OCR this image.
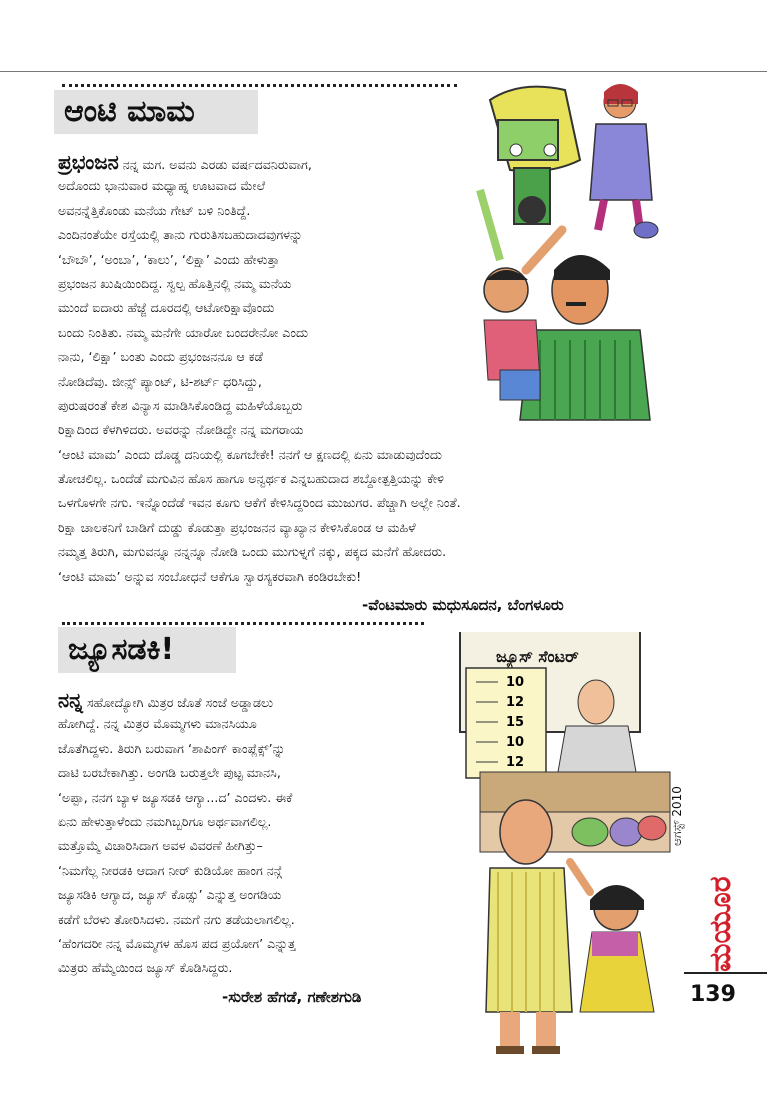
ಆಂಟಿ ಮಾಮ
ಪ್ರಭಂಜನ ನನ್ನ ಮಗ. ಅವನು ಎರಡು ವರ್ಷದವನಿರುವಾಗ,
ಅದೊಂದು ಭಾನುವಾರ ಮಧ್ಯಾಹ್ನ ಊಟವಾದ ಮೇಲೆ
ಅವನನ್ನೆತ್ತಿಕೊಂಡು ಮನೆಯ ಗೇಟ್ ಬಳಿ ನಿಂತಿದ್ದೆ.
ಎಂದಿನಂತೆಯೇ ರಸ್ತೆಯಲ್ಲಿ ತಾನು ಗುರುತಿಸಬಹುದಾದವುಗಳನ್ನು
‘ಬೌಬೌ’, ‘ಅಂಬಾ’, ‘ಕಾಲು’, ‘ಲಿಕ್ಷಾ’ ಎಂದು ಹೇಳುತ್ತಾ
ಪ್ರಭಂಜನ ಖುಷಿಯಿಂದಿದ್ದ. ಸ್ವಲ್ಪ ಹೊತ್ತಿನಲ್ಲಿ ನಮ್ಮ ಮನೆಯ
ಮುಂದೆ ಐದಾರು ಹೆಜ್ಜೆ ದೂರದಲ್ಲಿ ಆಟೋರಿಕ್ಷಾವೊಂದು
ಬಂದು ನಿಂತಿತು. ನಮ್ಮ ಮನೆಗೇ ಯಾರೋ ಬಂದರೇನೋ ಎಂದು
ನಾನು, ‘ಲಿಕ್ಷಾ’ ಬಂತು ಎಂದು ಪ್ರಭಂಜನನೂ ಆ ಕಡೆ
ನೋಡಿದೆವು. ಜೀನ್ಸ್ ಪ್ಯಾಂಟ್, ಟಿ-ಶರ್ಟ್ ಧರಿಸಿದ್ದು,
ಪುರುಷರಂತೆ ಕೇಶ ವಿನ್ಯಾಸ ಮಾಡಿಸಿಕೊಂಡಿದ್ದ ಮಹಿಳೆಯೊಬ್ಬರು
ರಿಕ್ಷಾದಿಂದ ಕೆಳಗಿಳಿದರು. ಅವರನ್ನು ನೋಡಿದ್ದೇ ನನ್ನ ಮಗರಾಯ
‘ಆಂಟಿ ಮಾಮ’ ಎಂದು ದೊಡ್ಡ ದನಿಯಲ್ಲಿ ಕೂಗಬೇಕೇ! ನನಗೆ ಆ ಕ್ಷಣದಲ್ಲಿ ಏನು ಮಾಡುವುದೆಂದು
ತೋಚಲಿಲ್ಲ. ಒಂದೆಡೆ ಮಗುವಿನ ಹೊಸ ಹಾಗೂ ಅನ್ವರ್ಥಕ ಎನ್ನಬಹುದಾದ ಶಬ್ದೋತ್ಪತ್ತಿಯನ್ನು ಕೇಳಿ
ಒಳಗೊಳಗೇ ನಗು. ಇನ್ನೊಂದೆಡೆ ಇವನ ಕೂಗು ಆಕೆಗೆ ಕೇಳಿಸಿದ್ದರಿಂದ ಮುಜುಗರ. ಪೆಚ್ಚಾಗಿ ಅಲ್ಲೇ ನಿಂತೆ.
ರಿಕ್ಷಾ ಚಾಲಕನಿಗೆ ಬಾಡಿಗೆ ದುಡ್ಡು ಕೊಡುತ್ತಾ ಪ್ರಭಂಜನನ ವ್ಯಾಖ್ಯಾನ ಕೇಳಿಸಿಕೊಂಡ ಆ ಮಹಿಳೆ
ನಮ್ಮತ್ತ ತಿರುಗಿ, ಮಗುವನ್ನೂ ನನ್ನನ್ನೂ ನೋಡಿ ಒಂದು ಮುಗುಳ್ನಗೆ ನಕ್ಕು, ಪಕ್ಕದ ಮನೆಗೆ ಹೋದರು.
‘ಆಂಟಿ ಮಾಮ’ ಅನ್ನುವ ಸಂಬೋಧನೆ ಆಕೆಗೂ ಸ್ವಾರಸ್ಯಕರವಾಗಿ ಕಂಡಿರಬೇಕು!
-ವೆಂಟಮಾರು ಮಧುಸೂದನ, ಬೆಂಗಳೂರು
ಜ್ಯೂಸಡಕಿ!
ನನ್ನ ಸಹೋದ್ಯೋಗಿ ಮಿತ್ರರ ಜೊತೆ ಸಂಜೆ ಅಡ್ಡಾಡಲು
ಹೋಗಿದ್ದೆ. ನನ್ನ ಮಿತ್ರರ ಮೊಮ್ಮಗಳು ಮಾನಸಿಯೂ
ಜೊತೆಗಿದ್ದಳು. ತಿರುಗಿ ಬರುವಾಗ ‘ಶಾಪಿಂಗ್ ಕಾಂಪ್ಲೆಕ್ಸ್’ನ್ನು
ದಾಟಿ ಬರಬೇಕಾಗಿತ್ತು. ಅಂಗಡಿ ಬರುತ್ತಲೇ ಪುಟ್ಟ ಮಾನಸಿ,
‘ಅಪ್ಪಾ, ನನಗ ಬ್ಯಾಳ ಜ್ಯೂಸಡಕಿ ಆಗ್ಯಾ...ದ’ ಎಂದಳು. ಈಕೆ
ಏನು ಹೇಳುತ್ತಾಳೆಂದು ನಮಗಿಬ್ಬರಿಗೂ ಅರ್ಥವಾಗಲಿಲ್ಲ.
ಮತ್ತೊಮ್ಮೆ ವಿಚಾರಿಸಿದಾಗ ಅವಳ ವಿವರಣೆ ಹೀಗಿತ್ತು–
‘ನಿಮಗೆಲ್ಲ ನೀರಡಕಿ ಆದಾಗ ನೀರ್ ಕುಡಿಯೋ ಹಾಂಗ ನನ್ಗೆ
ಜ್ಯೂಸಡಿಕಿ ಆಗ್ಯಾದ, ಜ್ಯೂಸ್ ಕೊಡ್ಸು’ ಎನ್ನುತ್ತ ಅಂಗಡಿಯ
ಕಡೆಗೆ ಬೆರಳು ತೋರಿಸಿದಳು. ನಮಗೆ ನಗು ತಡೆಯಲಾಗಲಿಲ್ಲ.
‘ಹೆಂಗದರೀ ನನ್ನ ಮೊಮ್ಮಗಳ ಹೊಸ ಪದ ಪ್ರಯೋಗ’ ಎನ್ನುತ್ತ
ಮಿತ್ರರು ಹೆಮ್ಮೆಯಿಂದ ಜ್ಯೂಸ್ ಕೊಡಿಸಿದ್ದರು.
-ಸುರೇಶ ಹೆಗಡೆ, ಗಣೇಶಗುಡಿ
ಜ್ಯೂಸ್ ಸೆಂಟರ್
10
12
15
10
12
ಆಗಸ್ಟ್ 2010
ಮಯೂರ
139
